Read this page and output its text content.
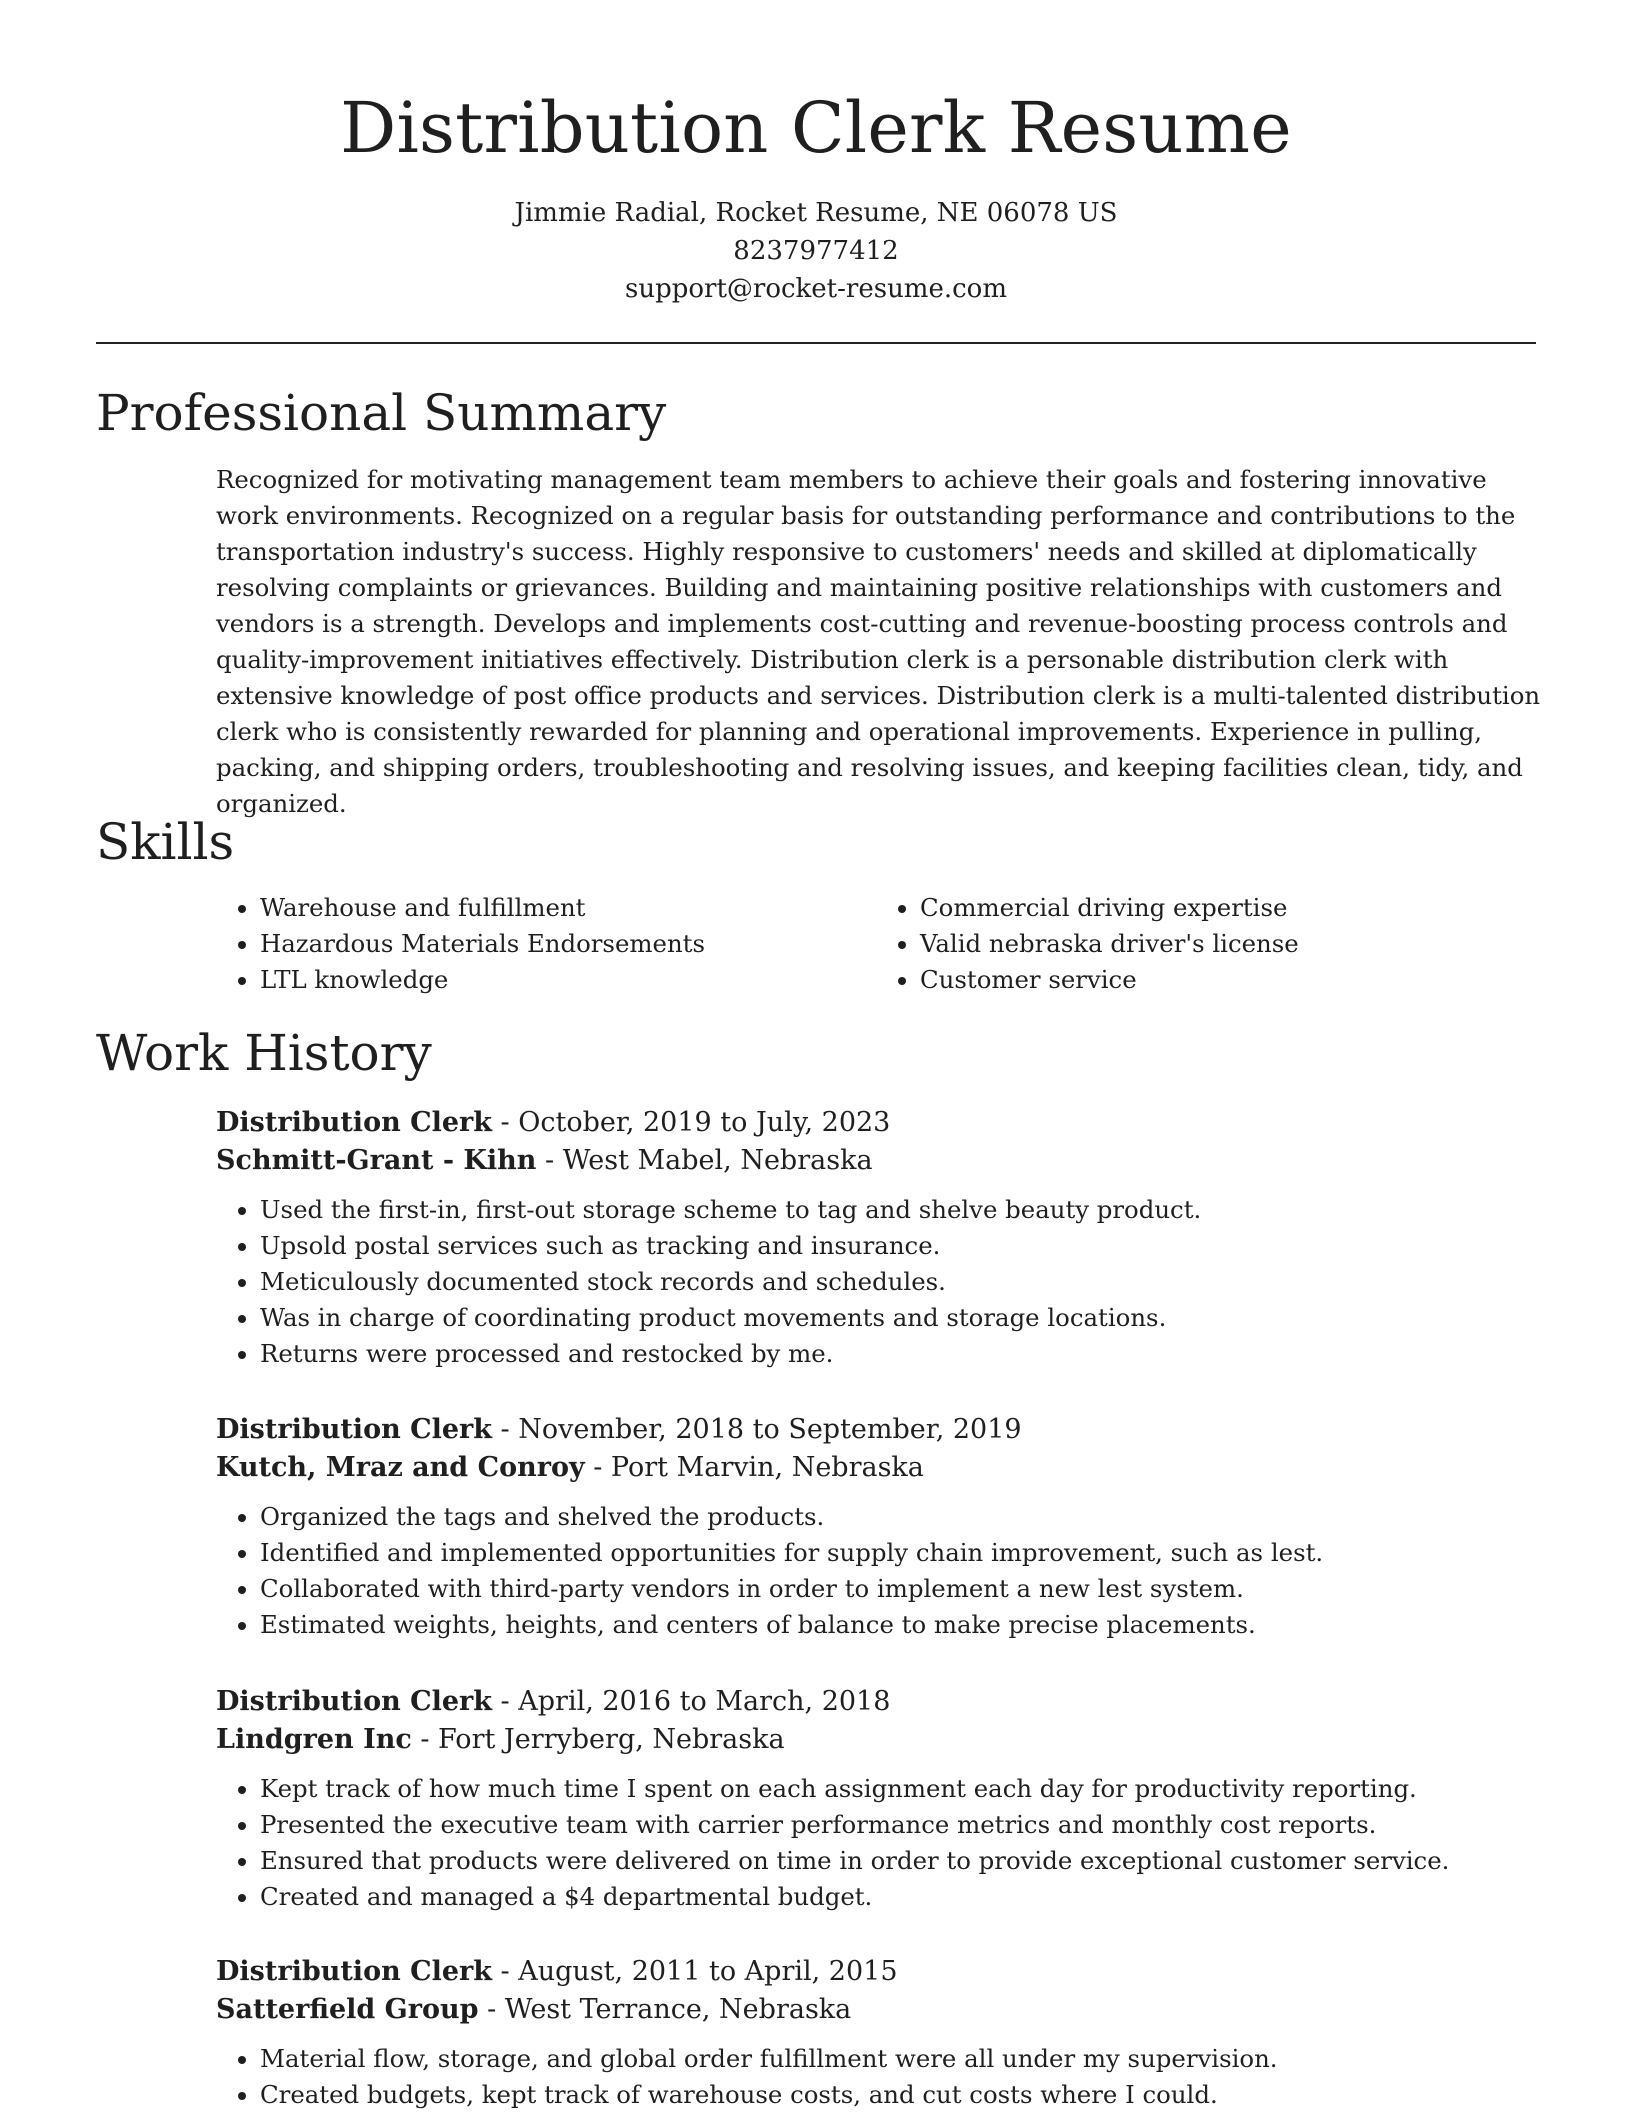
Distribution Clerk Resume
Jimmie Radial, Rocket Resume, NE 06078 US
8237977412
support@rocket-resume.com
Professional Summary

Recognized for motivating management team members to achieve their goals and fostering innovative work environments. Recognized on a regular basis for outstanding performance and contributions to the transportation industry's success. Highly responsive to customers' needs and skilled at diplomatically resolving complaints or grievances. Building and maintaining positive relationships with customers and vendors is a strength. Develops and implements cost-cutting and revenue-boosting process controls and quality-improvement initiatives effectively. Distribution clerk is a personable distribution clerk with extensive knowledge of post office products and services. Distribution clerk is a multi-talented distribution clerk who is consistently rewarded for planning and operational improvements. Experience in pulling, packing, and shipping orders, troubleshooting and resolving issues, and keeping facilities clean, tidy, and organized.

Skills
• Warehouse and fulfillment
• Hazardous Materials Endorsements
• LTL knowledge
• Commercial driving expertise
• Valid nebraska driver's license
• Customer service
Work History
Distribution Clerk - October, 2019 to July, 2023
Schmitt-Grant - Kihn - West Mabel, Nebraska
• Used the first-in, first-out storage scheme to tag and shelve beauty product.
• Upsold postal services such as tracking and insurance.
• Meticulously documented stock records and schedules.
• Was in charge of coordinating product movements and storage locations.
• Returns were processed and restocked by me.
Distribution Clerk - November, 2018 to September, 2019
Kutch, Mraz and Conroy - Port Marvin, Nebraska
• Organized the tags and shelved the products.
• Identified and implemented opportunities for supply chain improvement, such as lest.
• Collaborated with third-party vendors in order to implement a new lest system.
• Estimated weights, heights, and centers of balance to make precise placements.
Distribution Clerk - April, 2016 to March, 2018
Lindgren Inc - Fort Jerryberg, Nebraska
• Kept track of how much time I spent on each assignment each day for productivity reporting.
• Presented the executive team with carrier performance metrics and monthly cost reports.
• Ensured that products were delivered on time in order to provide exceptional customer service.
• Created and managed a $4 departmental budget.
Distribution Clerk - August, 2011 to April, 2015
Satterfield Group - West Terrance, Nebraska
• Material flow, storage, and global order fulfillment were all under my supervision.
• Created budgets, kept track of warehouse costs, and cut costs where I could.
